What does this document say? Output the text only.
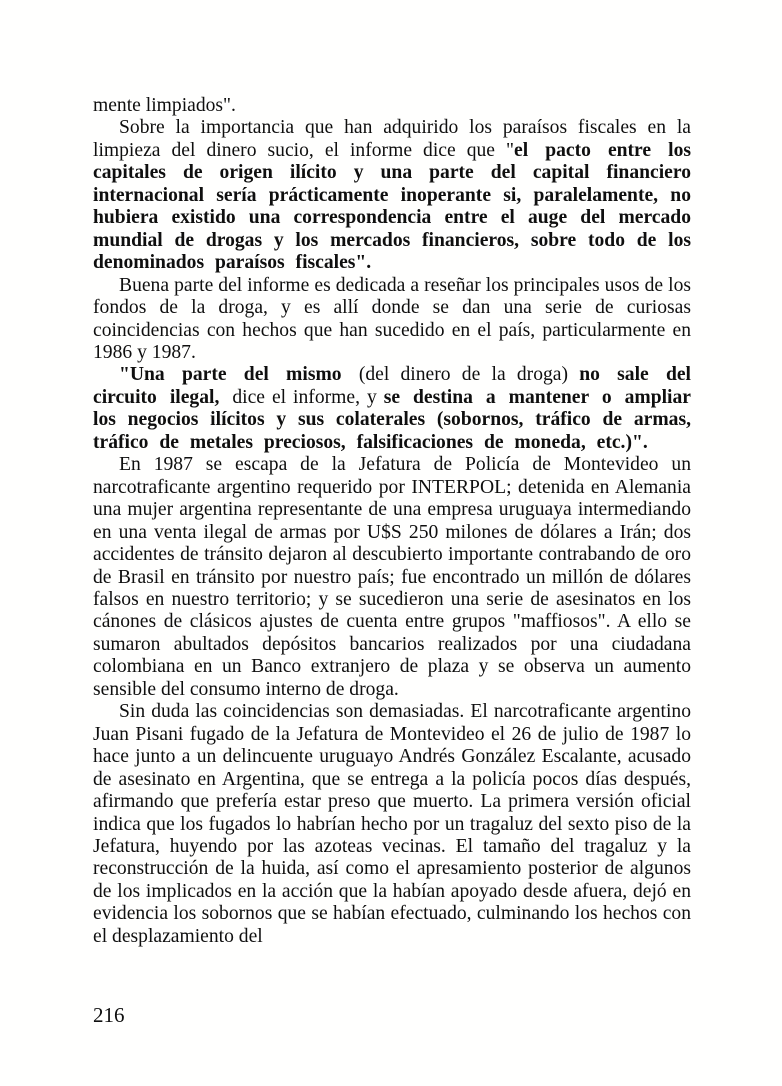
mente limpiados".

Sobre la importancia que han adquirido los paraísos fiscales en la limpieza del dinero sucio, el informe dice que "el pacto entre los capitales de origen ilícito y una parte del capital financiero internacional sería prácticamente inoperante si, paralelamente, no hubiera existido una correspondencia entre el auge del mercado mundial de drogas y los mercados financieros, sobre todo de los denominados paraísos fiscales".

Buena parte del informe es dedicada a reseñar los principales usos de los fondos de la droga, y es allí donde se dan una serie de curiosas coincidencias con hechos que han sucedido en el país, particularmente en 1986 y 1987.

"Una parte del mismo (del dinero de la droga) no sale del circuito ilegal, dice el informe, y se destina a mantener o ampliar los negocios ilícitos y sus colaterales (sobornos, tráfico de armas, tráfico de metales preciosos, falsificaciones de moneda, etc.)".

En 1987 se escapa de la Jefatura de Policía de Montevideo un narcotraficante argentino requerido por INTERPOL; detenida en Alemania una mujer argentina representante de una empresa uruguaya intermediando en una venta ilegal de armas por U$S 250 milones de dólares a Irán; dos accidentes de tránsito dejaron al descubierto importante contrabando de oro de Brasil en tránsito por nuestro país; fue encontrado un millón de dólares falsos en nuestro territorio; y se sucedieron una serie de asesinatos en los cánones de clásicos ajustes de cuenta entre grupos "maffiosos". A ello se sumaron abultados depósitos bancarios realizados por una ciudadana colombiana en un Banco extranjero de plaza y se observa un aumento sensible del consumo interno de droga.

Sin duda las coincidencias son demasiadas. El narcotraficante argentino Juan Pisani fugado de la Jefatura de Montevideo el 26 de julio de 1987 lo hace junto a un delincuente uruguayo Andrés González Escalante, acusado de asesinato en Argentina, que se entrega a la policía pocos días después, afirmando que prefería estar preso que muerto. La primera versión oficial indica que los fugados lo habrían hecho por un tragaluz del sexto piso de la Jefatura, huyendo por las azoteas vecinas. El tamaño del tragaluz y la reconstrucción de la huida, así como el apresamiento posterior de algunos de los implicados en la acción que la habían apoyado desde afuera, dejó en evidencia los sobornos que se habían efectuado, culminando los hechos con el desplazamiento del

216
